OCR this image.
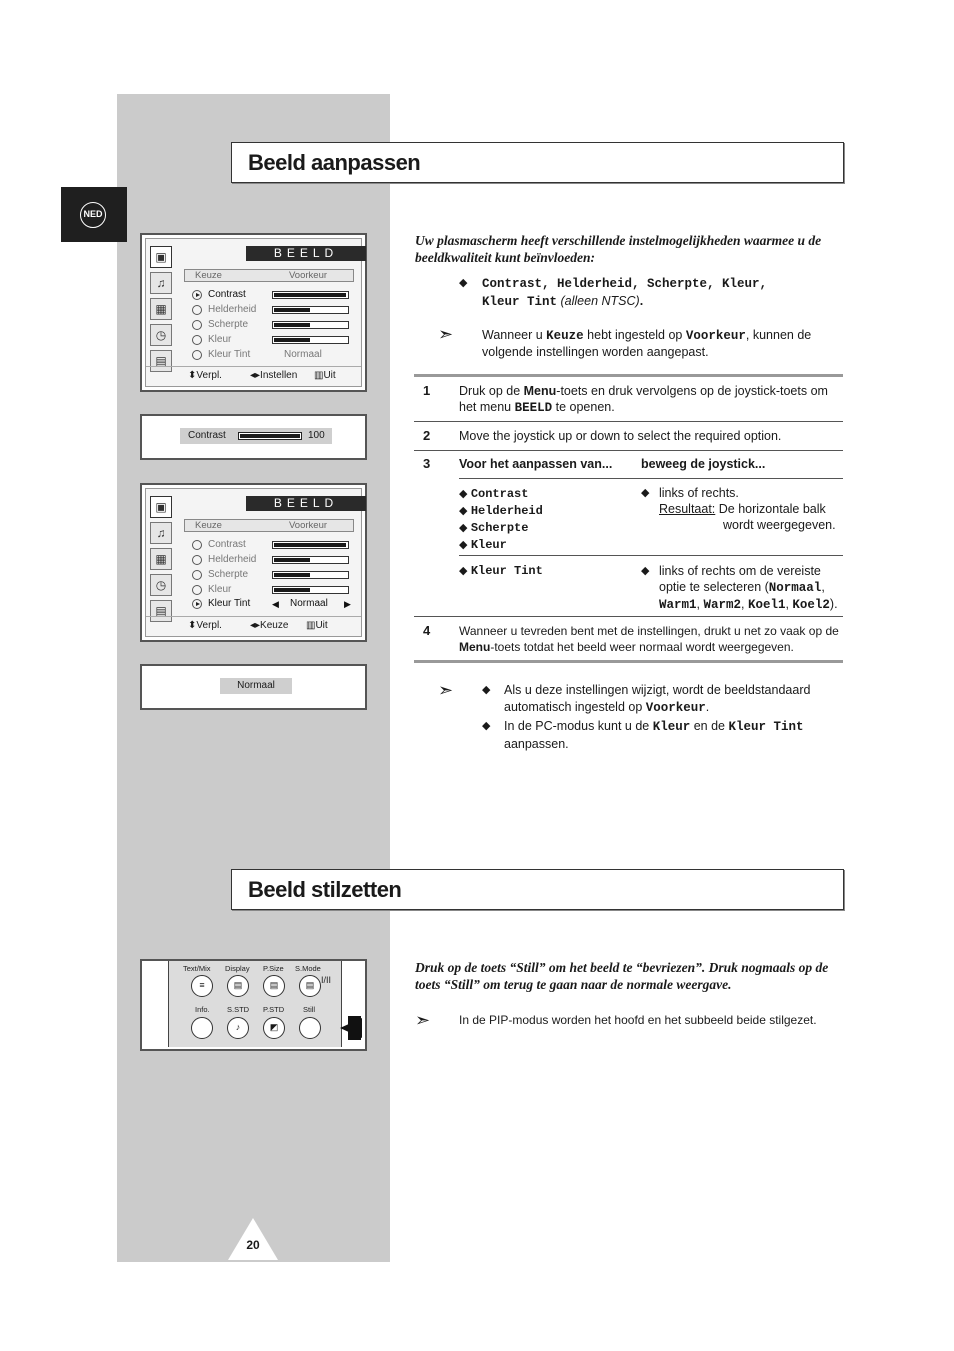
NED
Beeld aanpassen
Beeld stilzetten
▣
♫
▦
◷
▤
BEELD
Keuze	Voorkeur
Contrast
Helderheid
Scherpte
Kleur
Kleur Tint	Normaal
⬍ Verpl.	◂▸ Instellen ▥ Uit
Contrast	100
▣
♫
▦
◷
▤
BEELD
Keuze	Voorkeur
Contrast
Helderheid
Scherpte
Kleur
Kleur Tint ◀ Normaal ▶
⬍ Verpl.	◂▸ Keuze ▥ Uit
Normaal
Text/Mix Display P.Size S.Mode
I/II
≡	▤	▤	▤
Info. S.STD P.STD	Still
♪	◩
Uw plasmascherm heeft verschillende instelmogelijkheden waarmee u de beeldkwaliteit kunt beïnvloeden:
◆ Contrast, Helderheid, Scherpte, Kleur, Kleur Tint (alleen NTSC).
➣ Wanneer u Keuze hebt ingesteld op Voorkeur, kunnen de volgende instellingen worden aangepast.
1 Druk op de Menu-toets en druk vervolgens op de joystick-toets om het menu BEELD te openen.
2 Move the joystick up or down to select the required option.
3 Voor het aanpassen van...	beweeg de joystick...
◆ Contrast
◆ Helderheid
◆ Scherpte
◆ Kleur
◆ links of rechts.
Resultaat: De horizontale balk
wordt weergegeven.
◆ Kleur Tint	◆ links of rechts om de vereiste
optie te selecteren (Normaal,
Warm1, Warm2, Koel1, Koel2).
4 Wanneer u tevreden bent met de instellingen, drukt u net zo vaak op de Menu-toets totdat het beeld weer normaal wordt weergegeven.
➣	◆ Als u deze instellingen wijzigt, wordt de beeldstandaard automatisch ingesteld op Voorkeur.
◆ In de PC-modus kunt u de Kleur en de Kleur Tint aanpassen.
Druk op de toets “Still” om het beeld te “bevriezen”. Druk nogmaals op de toets “Still” om terug te gaan naar de normale weergave.
➣ In de PIP-modus worden het hoofd en het subbeeld beide stilgezet.
20
